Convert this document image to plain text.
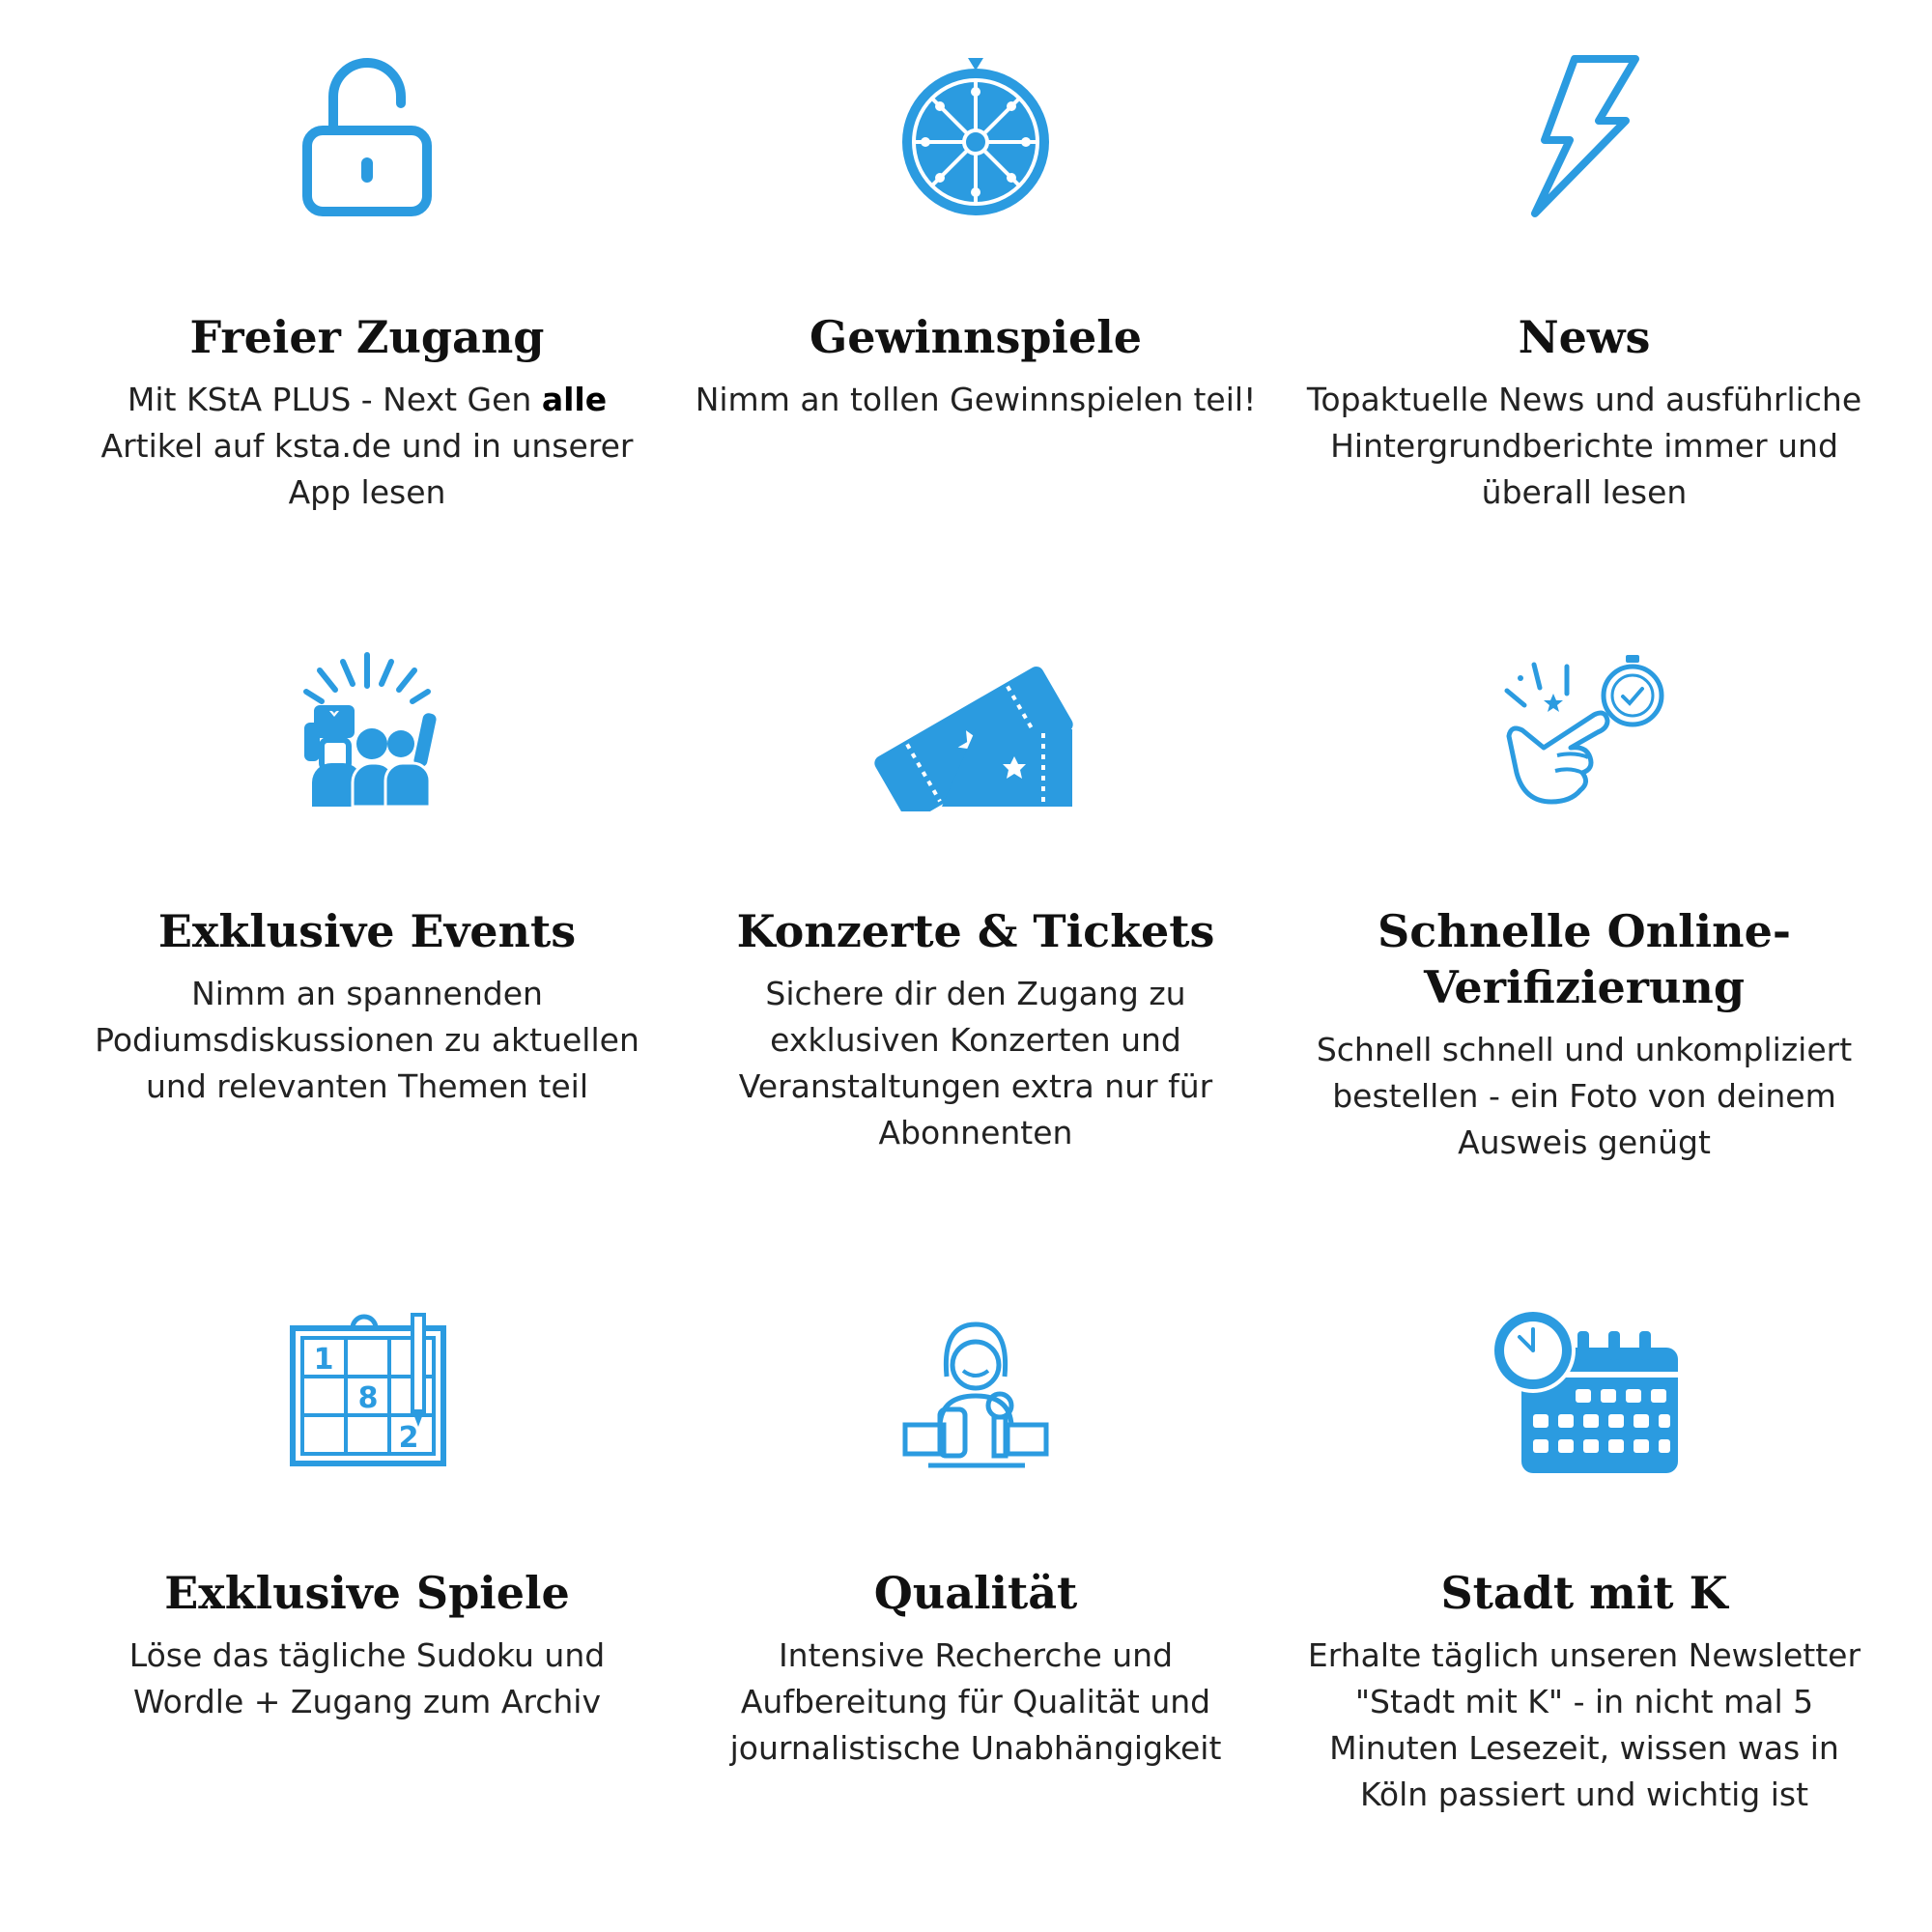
Freier Zugang
Mit KStA PLUS - Next Gen alle Artikel auf ksta.de und in unserer App lesen
Gewinnspiele
Nimm an tollen Gewinnspielen teil!
News
Topaktuelle News und ausführliche Hintergrundberichte immer und überall lesen
Exklusive Events
Nimm an spannenden Podiumsdiskussionen zu aktuellen und relevanten Themen teil
Konzerte & Tickets
Sichere dir den Zugang zu exklusiven Konzerten und Veranstaltungen extra nur für Abonnenten
Schnelle Online-Verifizierung
Schnell schnell und unkompliziert bestellen - ein Foto von deinem Ausweis genügt
1
8
2
Exklusive Spiele
Löse das tägliche Sudoku und Wordle + Zugang zum Archiv
Qualität
Intensive Recherche und Aufbereitung für Qualität und journalistische Unabhängigkeit
Stadt mit K
Erhalte täglich unseren Newsletter "Stadt mit K" - in nicht mal 5 Minuten Lesezeit, wissen was in Köln passiert und wichtig ist
